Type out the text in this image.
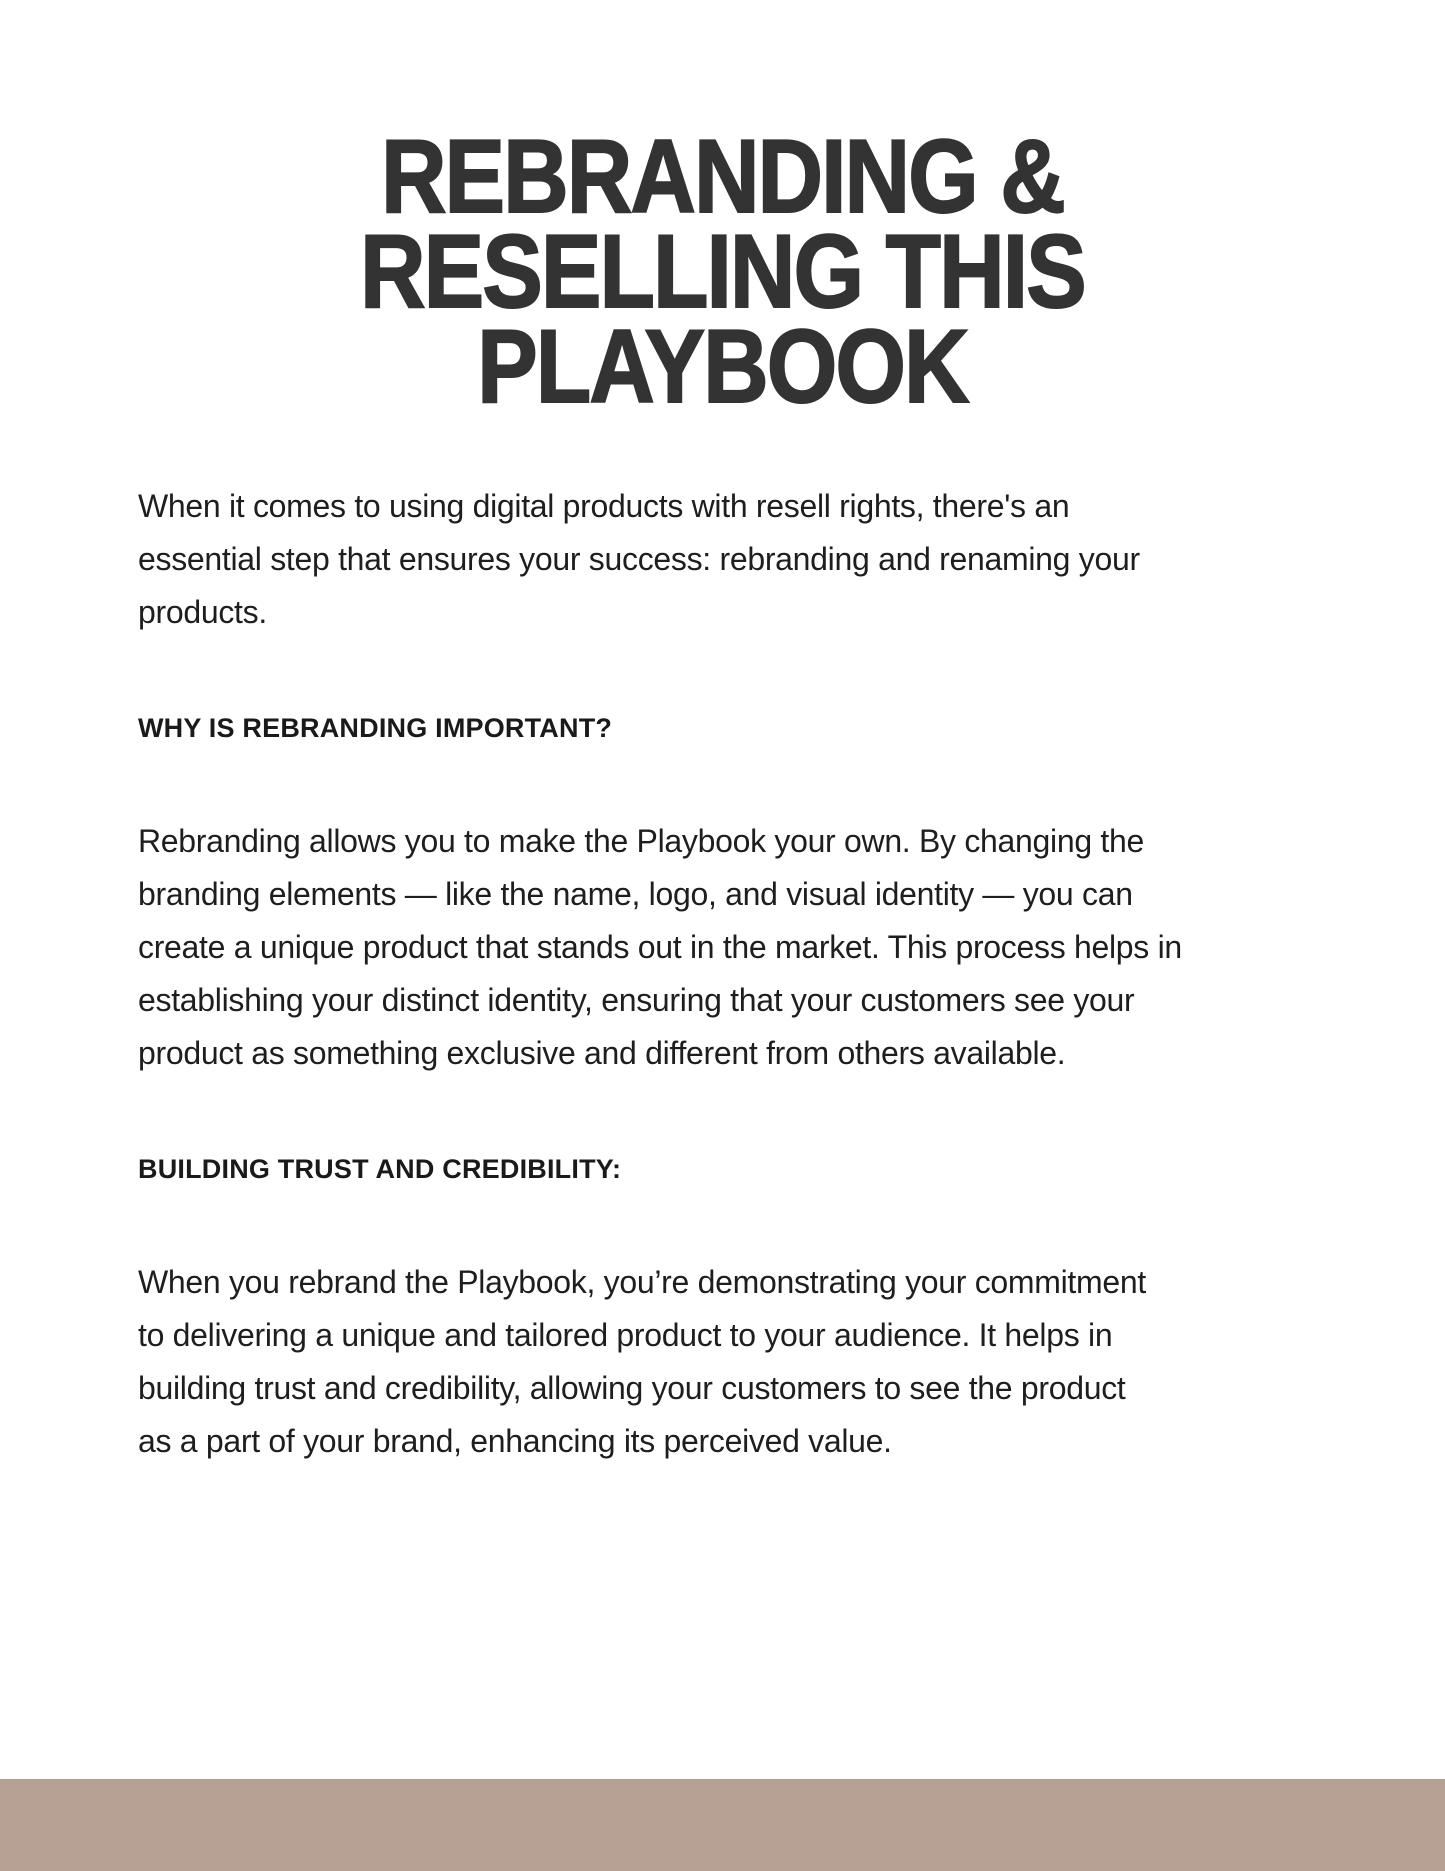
REBRANDING &
RESELLING THIS
PLAYBOOK

When it comes to using digital products with resell rights, there's an
essential step that ensures your success: rebranding and renaming your
products.

WHY IS REBRANDING IMPORTANT?

Rebranding allows you to make the Playbook your own. By changing the
branding elements — like the name, logo, and visual identity — you can
create a unique product that stands out in the market. This process helps in
establishing your distinct identity, ensuring that your customers see your
product as something exclusive and different from others available.

BUILDING TRUST AND CREDIBILITY:

When you rebrand the Playbook, you’re demonstrating your commitment
to delivering a unique and tailored product to your audience. It helps in
building trust and credibility, allowing your customers to see the product
as a part of your brand, enhancing its perceived value.
